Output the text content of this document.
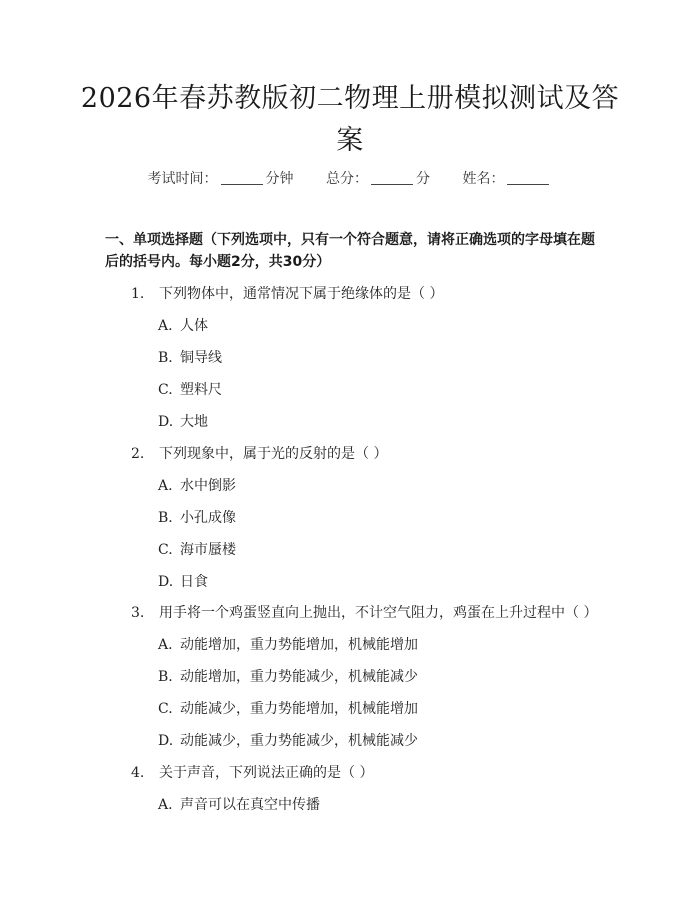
2026年春苏教版初二物理上册模拟测试及答案
考试时间：	分钟 总分：	分 姓名：

一、单项选择题（下列选项中，只有一个符合题意，请将正确选项的字母填在题后的括号内。每小题2分，共30分）

1. 下列物体中，通常情况下属于绝缘体的是（ ）
A. 人体
B. 铜导线
C. 塑料尺
D. 大地
2. 下列现象中，属于光的反射的是（ ）
A. 水中倒影
B. 小孔成像
C. 海市蜃楼
D. 日食
3. 用手将一个鸡蛋竖直向上抛出，不计空气阻力，鸡蛋在上升过程中（ ）
A. 动能增加，重力势能增加，机械能增加
B. 动能增加，重力势能减少，机械能减少
C. 动能减少，重力势能增加，机械能增加
D. 动能减少，重力势能减少，机械能减少
4. 关于声音，下列说法正确的是（ ）
A. 声音可以在真空中传播
